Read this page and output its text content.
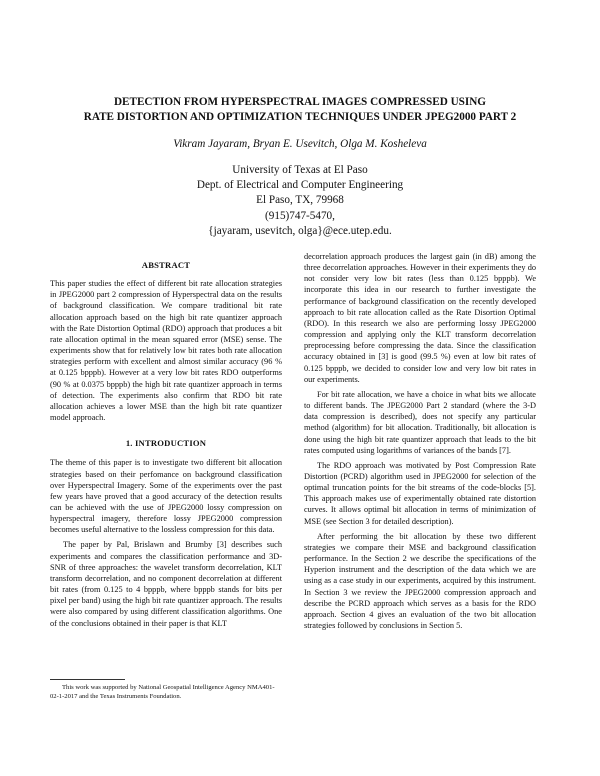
DETECTION FROM HYPERSPECTRAL IMAGES COMPRESSED USING
RATE DISTORTION AND OPTIMIZATION TECHNIQUES UNDER JPEG2000 PART 2
Vikram Jayaram, Bryan E. Usevitch, Olga M. Kosheleva
University of Texas at El Paso
Dept. of Electrical and Computer Engineering
El Paso, TX, 79968
(915)747-5470,
{jayaram, usevitch, olga}@ece.utep.edu.
ABSTRACT

This paper studies the effect of different bit rate allocation strategies in JPEG2000 part 2 compression of Hyperspectral data on the results of background classification. We compare traditional bit rate allocation approach based on the high bit rate quantizer approach with the Rate Distortion Optimal (RDO) approach that produces a bit rate allocation optimal in the mean squared error (MSE) sense. The experiments show that for relatively low bit rates both rate allocation strategies perform with excellent and almost similar accuracy (96 % at 0.125 bpppb). However at a very low bit rates RDO outperforms (90 % at 0.0375 bpppb) the high bit rate quantizer approach in terms of detection. The experiments also confirm that RDO bit rate allocation achieves a lower MSE than the high bit rate quantizer model approach.

1. INTRODUCTION

The theme of this paper is to investigate two different bit allocation strategies based on their perfomance on background classification over Hyperspectral Imagery. Some of the experiments over the past few years have proved that a good accuracy of the detection results can be achieved with the use of JPEG2000 lossy compression on hyperspectral imagery, therefore lossy JPEG2000 compression becomes useful alternative to the lossless compression for this data.

The paper by Pal, Brislawn and Brumby [3] describes such experiments and compares the classification performance and 3D-SNR of three approaches: the wavelet transform decorrelation, KLT transform decorrelation, and no component decorrelation at different bit rates (from 0.125 to 4 bpppb, where bpppb stands for bits per pixel per band) using the high bit rate quantizer approach. The results were also compared by using different classification algorithms. One of the conclusions obtained in their paper is that KLT

decorrelation approach produces the largest gain (in dB) among the three decorrelation approaches. However in their experiments they do not consider very low bit rates (less than 0.125 bpppb). We incorporate this idea in our research to further investigate the performance of background classification on the recently developed approach to bit rate allocation called as the Rate Disortion Optimal (RDO). In this research we also are performing lossy JPEG2000 compression and applying only the KLT transform decorrelation preprocessing before compressing the data. Since the classification accuracy obtained in [3] is good (99.5 %) even at low bit rates of 0.125 bpppb, we decided to consider low and very low bit rates in our experiments.

For bit rate allocation, we have a choice in what bits we allocate to different bands. The JPEG2000 Part 2 standard (where the 3-D data compression is described), does not specify any particular method (algorithm) for bit allocation. Traditionally, bit allocation is done using the high bit rate quantizer approach that leads to the bit rates computed using logarithms of variances of the bands [7].

The RDO approach was motivated by Post Compression Rate Distortion (PCRD) algorithm used in JPEG2000 for selection of the optimal truncation points for the bit streams of the code-blocks [5]. This approach makes use of experimentally obtained rate distortion curves. It allows optimal bit allocation in terms of minimization of MSE (see Section 3 for detailed description).

After performing the bit allocation by these two different strategies we compare their MSE and background classification performance. In the Section 2 we describe the specifications of the Hyperion instrument and the description of the data which we are using as a case study in our experiments, acquired by this instrument. In Section 3 we review the JPEG2000 compression approach and describe the PCRD approach which serves as a basis for the RDO approach. Section 4 gives an evaluation of the two bit allocation strategies followed by conclusions in Section 5.

This work was supported by National Geospatial Intelligence Agency NMA401-02-1-2017 and the Texas Instruments Foundation.
